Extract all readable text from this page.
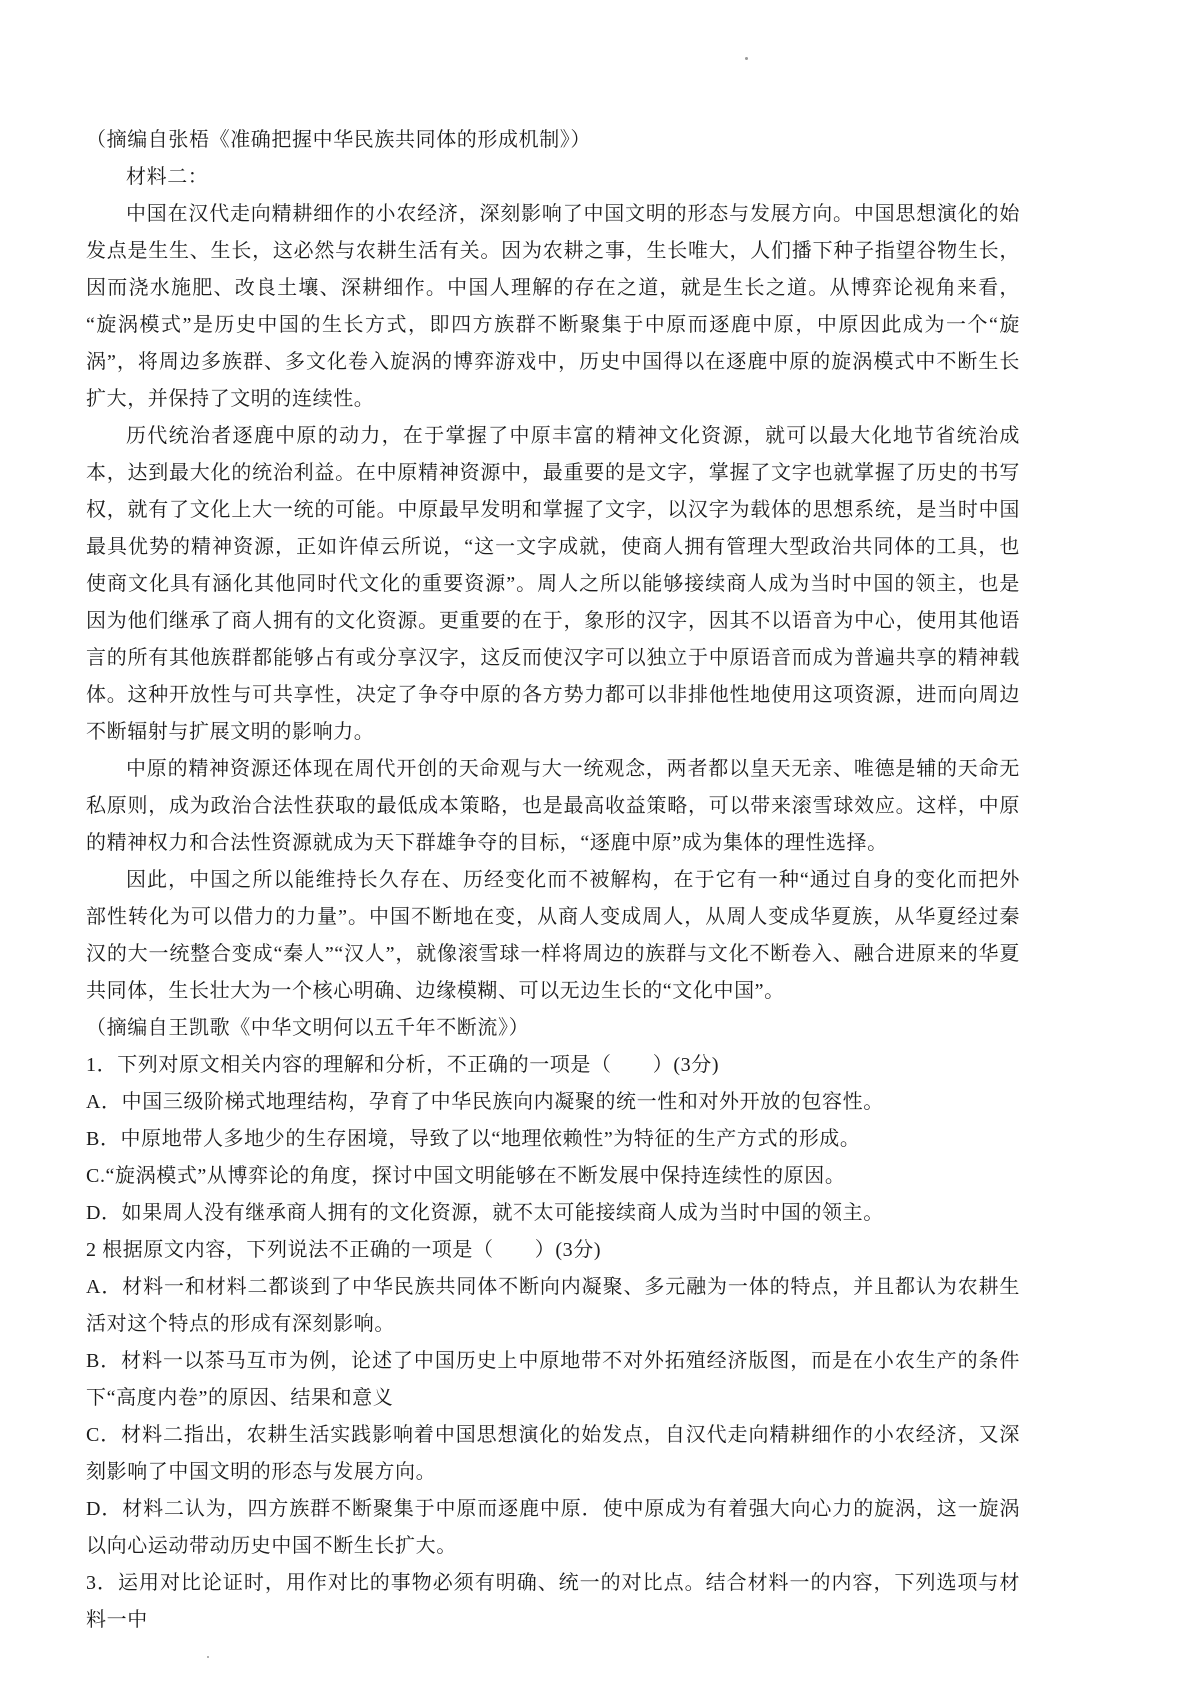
（摘编自张梧《准确把握中华民族共同体的形成机制》）

材料二：

中国在汉代走向精耕细作的小农经济，深刻影响了中国文明的形态与发展方向。中国思想演化的始发点是生生、生长，这必然与农耕生活有关。因为农耕之事，生长唯大，人们播下种子指望谷物生长，因而浇水施肥、改良土壤、深耕细作。中国人理解的存在之道，就是生长之道。从博弈论视角来看，“旋涡模式”是历史中国的生长方式，即四方族群不断聚集于中原而逐鹿中原，中原因此成为一个“旋涡”，将周边多族群、多文化卷入旋涡的博弈游戏中，历史中国得以在逐鹿中原的旋涡模式中不断生长扩大，并保持了文明的连续性。

历代统治者逐鹿中原的动力，在于掌握了中原丰富的精神文化资源，就可以最大化地节省统治成本，达到最大化的统治利益。在中原精神资源中，最重要的是文字，掌握了文字也就掌握了历史的书写权，就有了文化上大一统的可能。中原最早发明和掌握了文字，以汉字为载体的思想系统，是当时中国最具优势的精神资源，正如许倬云所说，“这一文字成就，使商人拥有管理大型政治共同体的工具，也使商文化具有涵化其他同时代文化的重要资源”。周人之所以能够接续商人成为当时中国的领主，也是因为他们继承了商人拥有的文化资源。更重要的在于，象形的汉字，因其不以语音为中心，使用其他语言的所有其他族群都能够占有或分享汉字，这反而使汉字可以独立于中原语音而成为普遍共享的精神载体。这种开放性与可共享性，决定了争夺中原的各方势力都可以非排他性地使用这项资源，进而向周边不断辐射与扩展文明的影响力。

中原的精神资源还体现在周代开创的天命观与大一统观念，两者都以皇天无亲、唯德是辅的天命无私原则，成为政治合法性获取的最低成本策略，也是最高收益策略，可以带来滚雪球效应。这样，中原的精神权力和合法性资源就成为天下群雄争夺的目标，“逐鹿中原”成为集体的理性选择。

因此，中国之所以能维持长久存在、历经变化而不被解构，在于它有一种“通过自身的变化而把外部性转化为可以借力的力量”。中国不断地在变，从商人变成周人，从周人变成华夏族，从华夏经过秦汉的大一统整合变成“秦人”“汉人”，就像滚雪球一样将周边的族群与文化不断卷入、融合进原来的华夏共同体，生长壮大为一个核心明确、边缘模糊、可以无边生长的“文化中国”。

（摘编自王凯歌《中华文明何以五千年不断流》）

1．下列对原文相关内容的理解和分析，不正确的一项是（　　）(3分)

A．中国三级阶梯式地理结构，孕育了中华民族向内凝聚的统一性和对外开放的包容性。

B．中原地带人多地少的生存困境，导致了以“地理依赖性”为特征的生产方式的形成。

C.“旋涡模式”从博弈论的角度，探讨中国文明能够在不断发展中保持连续性的原因。

D．如果周人没有继承商人拥有的文化资源，就不太可能接续商人成为当时中国的领主。

2 根据原文内容，下列说法不正确的一项是（　　）(3分)

A．材料一和材料二都谈到了中华民族共同体不断向内凝聚、多元融为一体的特点，并且都认为农耕生活对这个特点的形成有深刻影响。

B．材料一以茶马互市为例，论述了中国历史上中原地带不对外拓殖经济版图，而是在小农生产的条件下“高度内卷”的原因、结果和意义

C．材料二指出，农耕生活实践影响着中国思想演化的始发点，自汉代走向精耕细作的小农经济，又深刻影响了中国文明的形态与发展方向。

D．材料二认为，四方族群不断聚集于中原而逐鹿中原．使中原成为有着强大向心力的旋涡，这一旋涡以向心运动带动历史中国不断生长扩大。

3．运用对比论证时，用作对比的事物必须有明确、统一的对比点。结合材料一的内容，下列选项与材料一中
